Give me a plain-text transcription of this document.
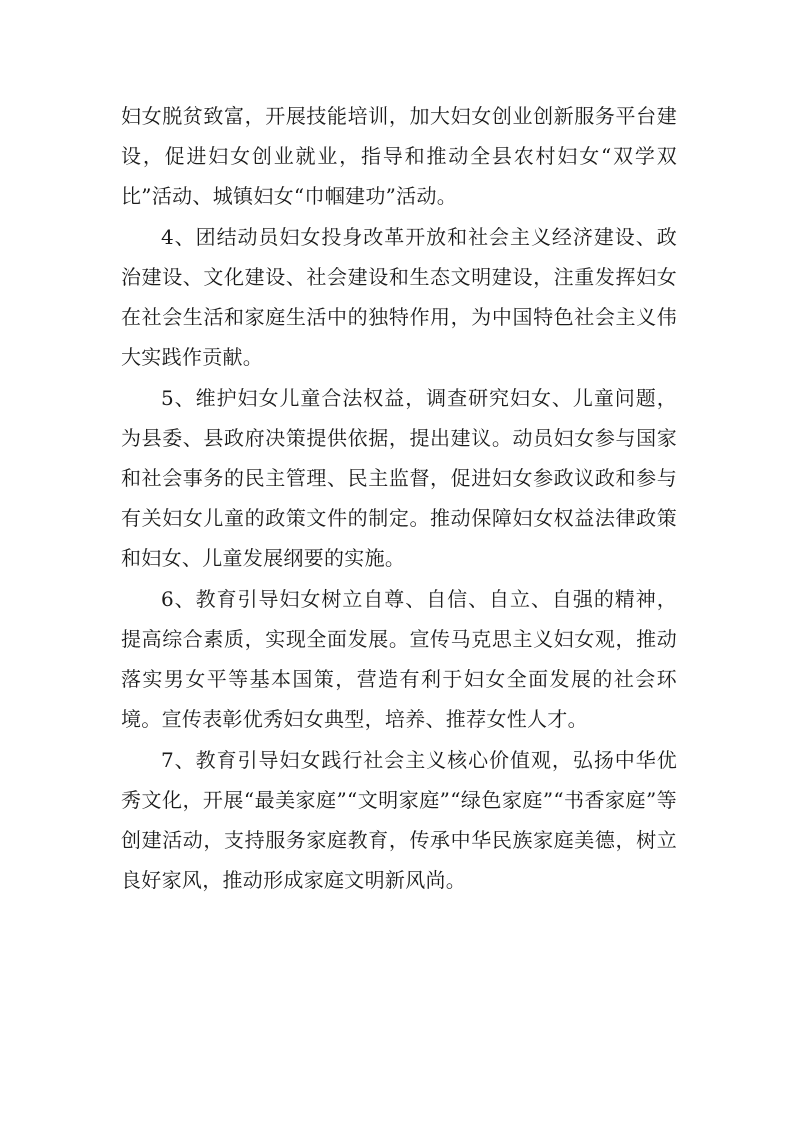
妇女脱贫致富，开展技能培训，加大妇女创业创新服务平台建设，促进妇女创业就业，指导和推动全县农村妇女“双学双比”活动、城镇妇女“巾帼建功”活动。

4、团结动员妇女投身改革开放和社会主义经济建设、政治建设、文化建设、社会建设和生态文明建设，注重发挥妇女在社会生活和家庭生活中的独特作用，为中国特色社会主义伟大实践作贡献。

5、维护妇女儿童合法权益，调查研究妇女、儿童问题，为县委、县政府决策提供依据，提出建议。动员妇女参与国家和社会事务的民主管理、民主监督，促进妇女参政议政和参与有关妇女儿童的政策文件的制定。推动保障妇女权益法律政策和妇女、儿童发展纲要的实施。

6、教育引导妇女树立自尊、自信、自立、自强的精神，提高综合素质，实现全面发展。宣传马克思主义妇女观，推动落实男女平等基本国策，营造有利于妇女全面发展的社会环境。宣传表彰优秀妇女典型，培养、推荐女性人才。

7、教育引导妇女践行社会主义核心价值观，弘扬中华优秀文化，开展“最美家庭”“文明家庭”“绿色家庭”“书香家庭”等创建活动，支持服务家庭教育，传承中华民族家庭美德，树立良好家风，推动形成家庭文明新风尚。
